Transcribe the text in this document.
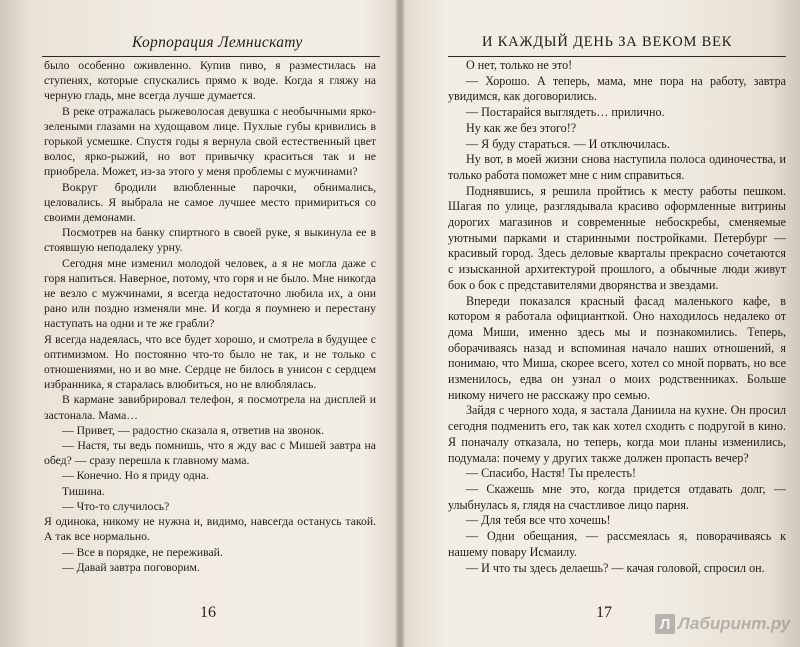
Корпорация Лемнискату

было особенно оживленно. Купив пиво, я разместилась на ступенях, которые спускались прямо к воде. Когда я гляжу на черную гладь, мне всегда лучше думается.

В реке отражалась рыжеволосая девушка с необычными ярко-зелеными глазами на худощавом лице. Пухлые губы кривились в горькой усмешке. Спустя годы я вернула свой естественный цвет волос, ярко-рыжий, но вот привычку краситься так и не приобрела. Может, из-за этого у меня проблемы с мужчинами?

Вокруг бродили влюбленные парочки, обнимались, целовались. Я выбрала не самое лучшее место примириться со своими демонами.

Посмотрев на банку спиртного в своей руке, я выкинула ее в стоявшую неподалеку урну.

Сегодня мне изменил молодой человек, а я не могла даже с горя напиться. Наверное, потому, что горя и не было. Мне никогда не везло с мужчинами, я всегда недостаточно любила их, а они рано или поздно изменяли мне. И когда я поумнею и перестану наступать на одни и те же грабли?

Я всегда надеялась, что все будет хорошо, и смотрела в будущее с оптимизмом. Но постоянно что-то было не так, и не только с отношениями, но и во мне. Сердце не билось в унисон с сердцем избранника, я старалась влюбиться, но не влюблялась.

В кармане завибрировал телефон, я посмотрела на дисплей и застонала. Мама…

— Привет, — радостно сказала я, ответив на звонок.

— Настя, ты ведь помнишь, что я жду вас с Мишей завтра на обед? — сразу перешла к главному мама.

— Конечно. Но я приду одна.

Тишина.

— Что-то случилось?

Я одинока, никому не нужна и, видимо, навсегда останусь такой. А так все нормально.

— Все в порядке, не переживай.

— Давай завтра поговорим.

16
И КАЖДЫЙ ДЕНЬ ЗА ВЕКОМ ВЕК

О нет, только не это!

— Хорошо. А теперь, мама, мне пора на работу, завтра увидимся, как договорились.

— Постарайся выглядеть… прилично.

Ну как же без этого!?

— Я буду стараться. — И отключилась.

Ну вот, в моей жизни снова наступила полоса одиночества, и только работа поможет мне с ним справиться.

Поднявшись, я решила пройтись к месту работы пешком. Шагая по улице, разглядывала красиво оформленные витрины дорогих магазинов и современные небоскребы, сменяемые уютными парками и старинными постройками. Петербург — красивый город. Здесь деловые кварталы прекрасно сочетаются с изысканной архитектурой прошлого, а обычные люди живут бок о бок с представителями дворянства и звездами.

Впереди показался красный фасад маленького кафе, в котором я работала официанткой. Оно находилось недалеко от дома Миши, именно здесь мы и познакомились. Теперь, оборачиваясь назад и вспоминая начало наших отношений, я понимаю, что Миша, скорее всего, хотел со мной порвать, но все изменилось, едва он узнал о моих родственниках. Больше никому ничего не расскажу про семью.

Зайдя с черного хода, я застала Даниила на кухне. Он просил сегодня подменить его, так как хотел сходить с подругой в кино. Я поначалу отказала, но теперь, когда мои планы изменились, подумала: почему у других также должен пропасть вечер?

— Спасибо, Настя! Ты прелесть!

— Скажешь мне это, когда придется отдавать долг, — улыбнулась я, глядя на счастливое лицо парня.

— Для тебя все что хочешь!

— Одни обещания, — рассмеялась я, поворачиваясь к нашему повару Исмаилу.

— И что ты здесь делаешь? — качая головой, спросил он.

17
Л Лабиринт.ру
